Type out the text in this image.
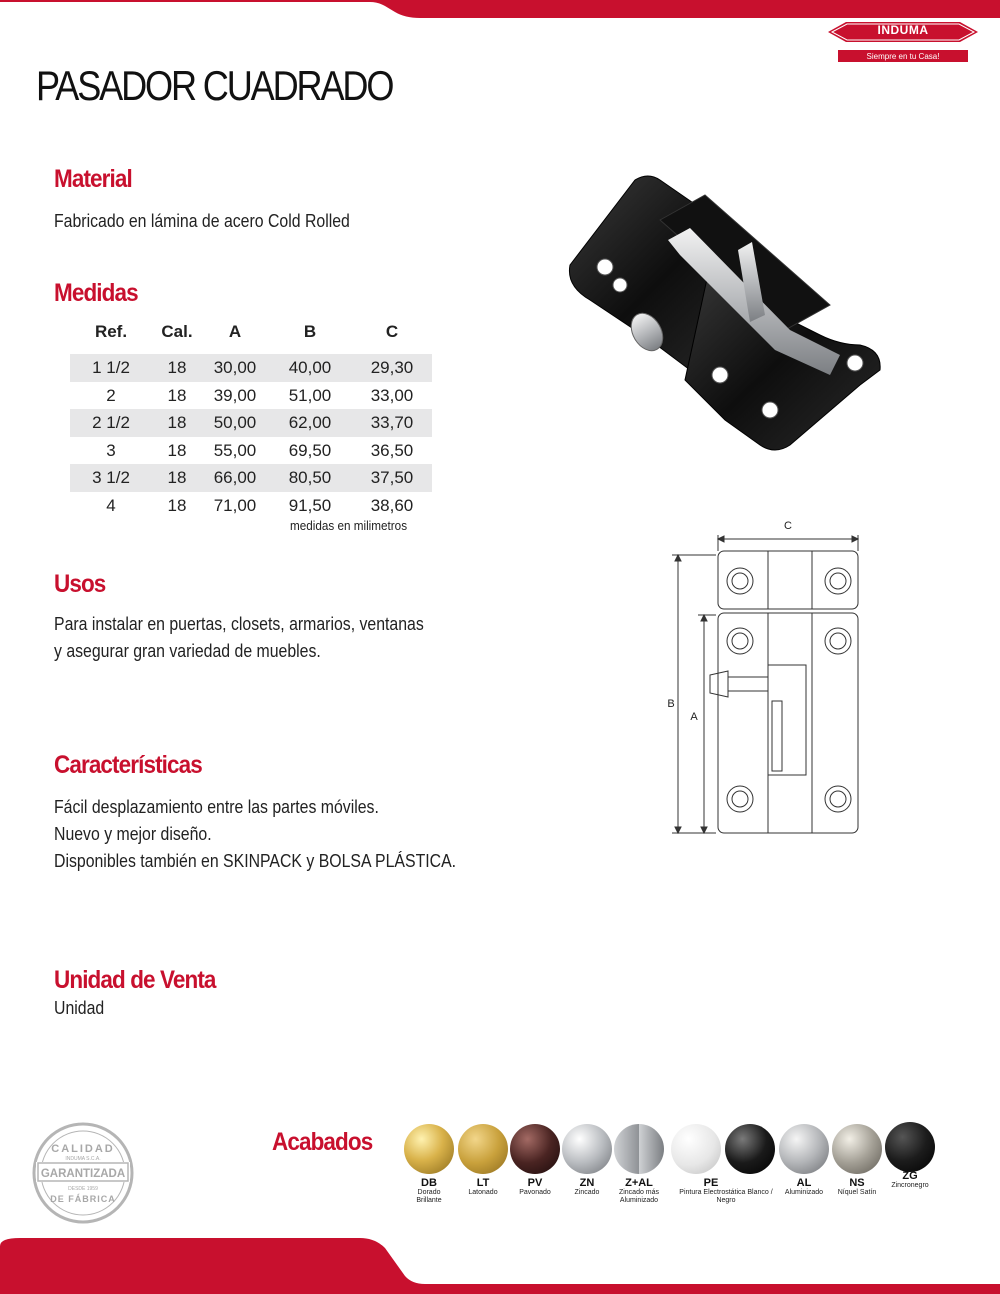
INDUMA
Siempre en tu Casa!
PASADOR CUADRADO
Material
Fabricado en lámina de acero Cold Rolled
Medidas
Ref.	Cal.	A	B	C
1 1/2	18	30,00	40,00	29,30
2	18	39,00	51,00	33,00
2 1/2	18	50,00	62,00	33,70
3	18	55,00	69,50	36,50
3 1/2	18	66,00	80,50	37,50
4	18	71,00	91,50	38,60
medidas en milimetros
Usos
Para instalar en puertas, closets, armarios, ventanas
y asegurar gran variedad de muebles.
Características
Fácil desplazamiento entre las partes móviles.
Nuevo y mejor diseño.
Disponibles también en SKINPACK y BOLSA PLÁSTICA.
Unidad de Venta
Unidad
C
B
A
CALIDAD
INDUMA S.C.A.
GARANTIZADA
DESDE 1959
DE FÁBRICA
Acabados
DB
Dorado Brillante
LT
Latonado
PV
Pavonado
ZN
Zincado
Z+AL
Zincado más Aluminizado
PE
Pintura Electrostática Blanco / Negro
AL
Aluminizado
NS
Níquel Satín
ZG
Zincronegro
